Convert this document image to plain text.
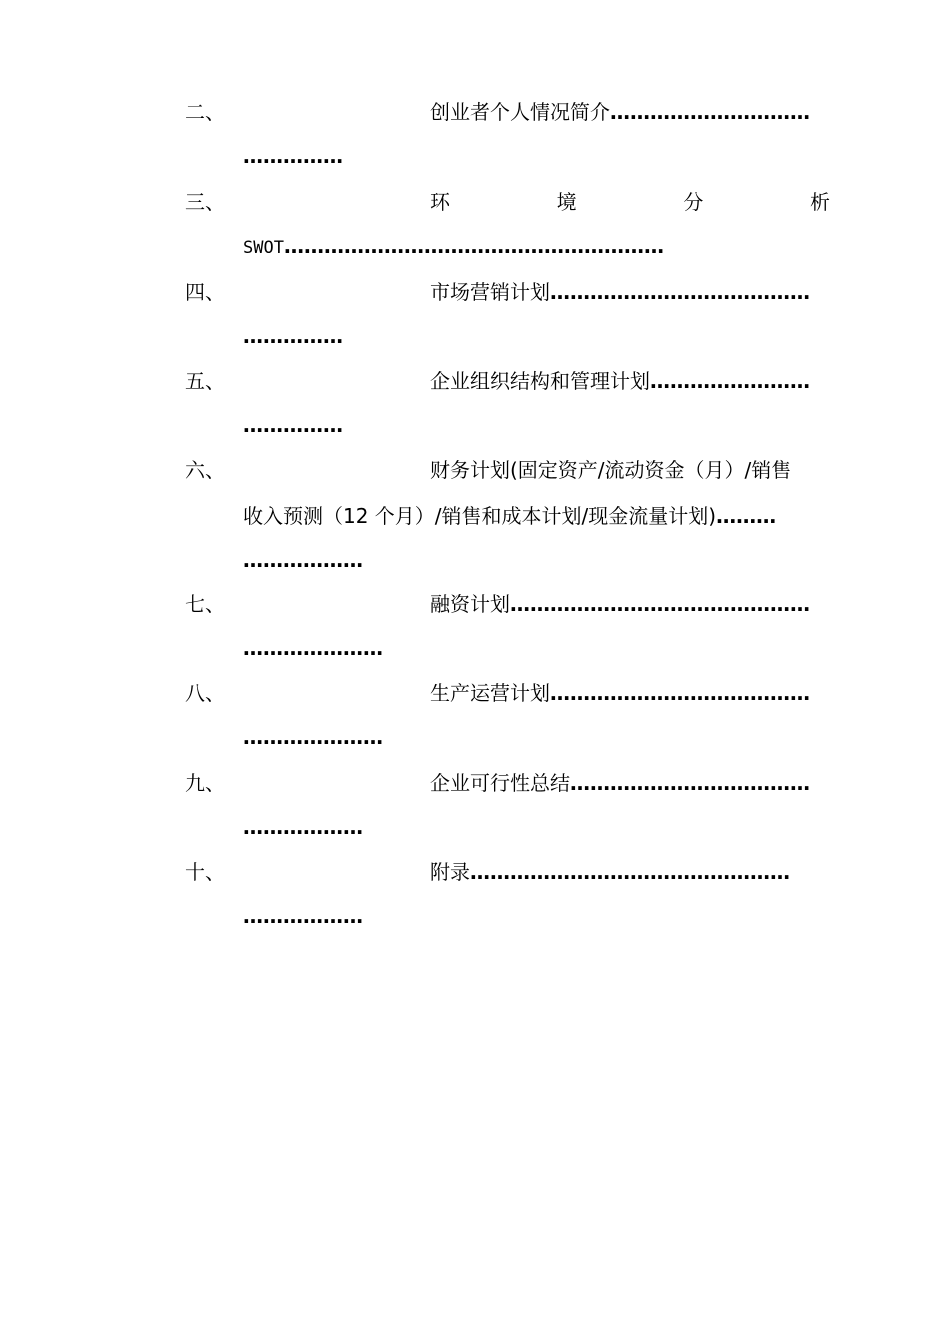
二、	创业者个人情况简介…………………………
……………
三、	环	境	分	析
SWOT…………………………………………………
四、	市场营销计划…………………………………
……………
五、	企业组织结构和管理计划……………………
……………
六、	财务计划(固定资产/流动资金（月）/销售
收入预测（12 个月）/销售和成本计划/现金流量计划)………
………………
七、	融资计划………………………………………
…………………
八、	生产运营计划…………………………………
…………………
九、	企业可行性总结………………………………
………………
十、	附录…………………………………………
………………
